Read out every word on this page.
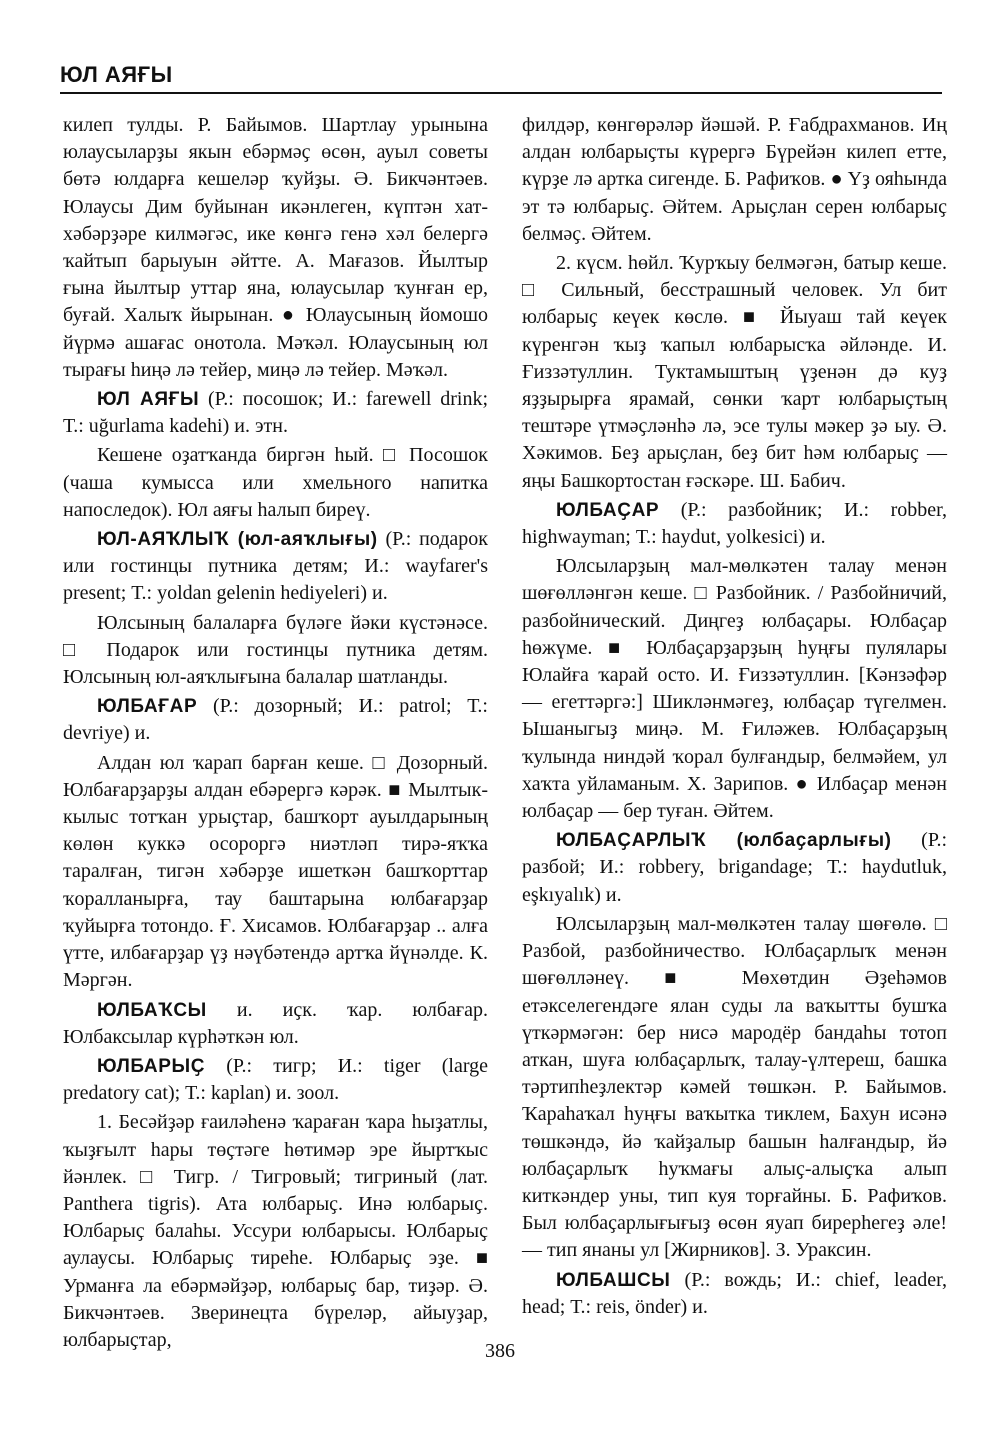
ЮЛ АЯҒЫ

килеп тулды. Р. Байымов. Шартлау урынына юлаусыларҙы якын ебәрмәҫ өсөн, ауыл советы бөтә юлдарға кешеләр ҡуйҙы. Ә. Бикчәнтәев. Юлаусы Дим буйынан икәнлеген, күптән хат-хәбәрҙәре килмәгәс, ике көнгә генә хәл белергә ҡайтып барыуын әйтте. А. Мағазов. Йылтыр ғына йылтыр уттар яна, юлаусылар ҡунған ер, буғай. Халыҡ йырынан. ● Юлаусының йомошо йүрмә ашағас онотола. Мәҡәл. Юлаусының юл тырағы һиңә лә тейер, миңә лә тейер. Мәҡәл.

ЮЛ АЯҒЫ (Р.: посошок; И.: farewell drink; Т.: uğurlama kadehi) и. этн.

Кешене оҙатҡанда биргән һый. □ Посошок (чаша кумысса или хмельного напитка напоследок). Юл аяғы һалып биреү.

ЮЛ-АЯҠЛЫҠ (юл-аяҡлығы) (Р.: подарок или гостинцы путника детям; И.: wayfarer's present; Т.: yoldan gelenin hediyeleri) и.

Юлсының балаларға бүләге йәки күстәнәсе. □ Подарок или гостинцы путника детям. Юлсының юл-аяҡлығына балалар шатланды.

ЮЛБАҒАР (Р.: дозорный; И.: patrol; Т.: devriye) и.

Алдан юл ҡарап барған кеше. □ Дозорный. Юлбағарҙарҙы алдан ебәрергә кәрәк. ■ Мылтык-кылыс тотҡан урыҫтар, башҡорт ауылдарының көлөн куккә осороргә ниәтләп тирә-яҡҡа таралған, тигән хәбәрҙе ишеткән башҡорттар ҡоралланырға, тау баштарына юлбағарҙар ҡуйырға тотондо. Ғ. Хисамов. Юлбағарҙар .. алға үтте, илбағарҙар үҙ нәүбәтендә артҡа йүнәлде. К. Мәргән.

ЮЛБАҠСЫ и. иҫк. ҡар. юлбағар. Юлбаксылар күрһәткән юл.

ЮЛБАРЫҪ (Р.: тигр; И.: tiger (large predatory cat); Т.: kaplan) и. зоол.

1. Бесәйҙәр ғаиләһенә ҡараған ҡара һыҙатлы, ҡыҙғылт һары төҫтәге һөтимәр эре йыртҡыс йәнлек. □ Тигр. / Тигровый; тигриный (лат. Panthera tigris). Ата юлбарыҫ. Инә юлбарыҫ. Юлбарыҫ балаһы. Уссури юлбарысы. Юлбарыҫ аулаусы. Юлбарыҫ тиреһе. Юлбарыҫ эҙе. ■ Урманға ла ебәрмәйҙәр, юлбарыҫ бар, тиҙәр. Ә. Бикчәнтәев. Зверинецта бүреләр, айыуҙар, юлбарыҫтар,

филдәр, көнгөрәләр йәшәй. Р. Ғабдрахманов. Иң алдан юлбарыҫты күрергә Бүрейән килеп етте, күрҙе лә артка сигенде. Б. Рафиҡов. ● Үҙ ояһында эт тә юлбарыҫ. Әйтем. Арыҫлан серен юлбарыҫ белмәҫ. Әйтем.

2. күсм. һөйл. Ҡурҡыу белмәгән, батыр кеше. □ Сильный, бесстрашный человек. Ул бит юлбарыҫ кеүек көслө. ■ Йыуаш тай кеүек күренгән ҡыҙ ҡапыл юлбарысҡа әйләнде. И. Ғиззәтуллин. Туктамыштың үҙенән дә куҙ яҙҙырырға ярамай, сөнки ҡарт юлбарыҫтың тештәре үтмәҫләнһә лә, эсе тулы мәкер ҙә ыу. Ә. Хәкимов. Беҙ арыҫлан, беҙ бит һәм юлбарыҫ — яңы Башкортостан ғәскәре. Ш. Бабич.

ЮЛБАҪАР (Р.: разбойник; И.: robber, highwayman; Т.: haydut, yolkesici) и.

Юлсыларҙың мал-мөлкәтен талау менән шөғөлләнгән кеше. □ Разбойник. / Разбойничий, разбойнический. Диңгеҙ юлбаҫары. Юлбаҫар һөжүме. ■ Юлбаҫарҙарҙың һуңғы пулялары Юлайға ҡарай осто. И. Ғиззәтуллин. [Кәнзәфәр — егеттәргә:] Шикләнмәгеҙ, юлбаҫар түгелмен. Ышаныгыҙ миңә. М. Ғиләжев. Юлбаҫарҙың ҡулында ниндәй ҡорал булғандыр, белмәйем, ул хаҡта уйламаным. Х. Зарипов. ● Илбаҫар менән юлбаҫар — бер туған. Әйтем.

ЮЛБАҪАРЛЫҠ (юлбаҫарлығы) (Р.: разбой; И.: robbery, brigandage; Т.: haydutluk, eşkıyalık) и.

Юлсыларҙың мал-мөлкәтен талау шөғөлө. □ Разбой, разбойничество. Юлбаҫарлыҡ менән шөғөлләнеү. ■ Мөхөтдин Әҙеһәмов етәкселегендәге ялан суды ла ваҡытты бушҡа үткәрмәгән: бер нисә мародёр бандаһы тотоп аткан, шуға юлбаҫарлыҡ, талау-үлтереш, башка тәртипһеҙлектәр кәмей төшкән. Р. Байымов. Ҡараһаҡал һуңғы ваҡытка тиклем, Бахун исәнә төшкәндә, йә ҡайҙалыр башын һалғандыр, йә юлбаҫарлыҡ һуҡмағы алыҫ-алыҫҡа алып киткәндер уны, тип куя торғайны. Б. Рафиҡов. Был юлбаҫарлығығыҙ өсөн яуап бирерһегеҙ әле! — тип янаны ул [Жирников]. З. Ураксин.

ЮЛБАШСЫ (Р.: вождь; И.: chief, leader, head; Т.: reis, önder) и.

386
